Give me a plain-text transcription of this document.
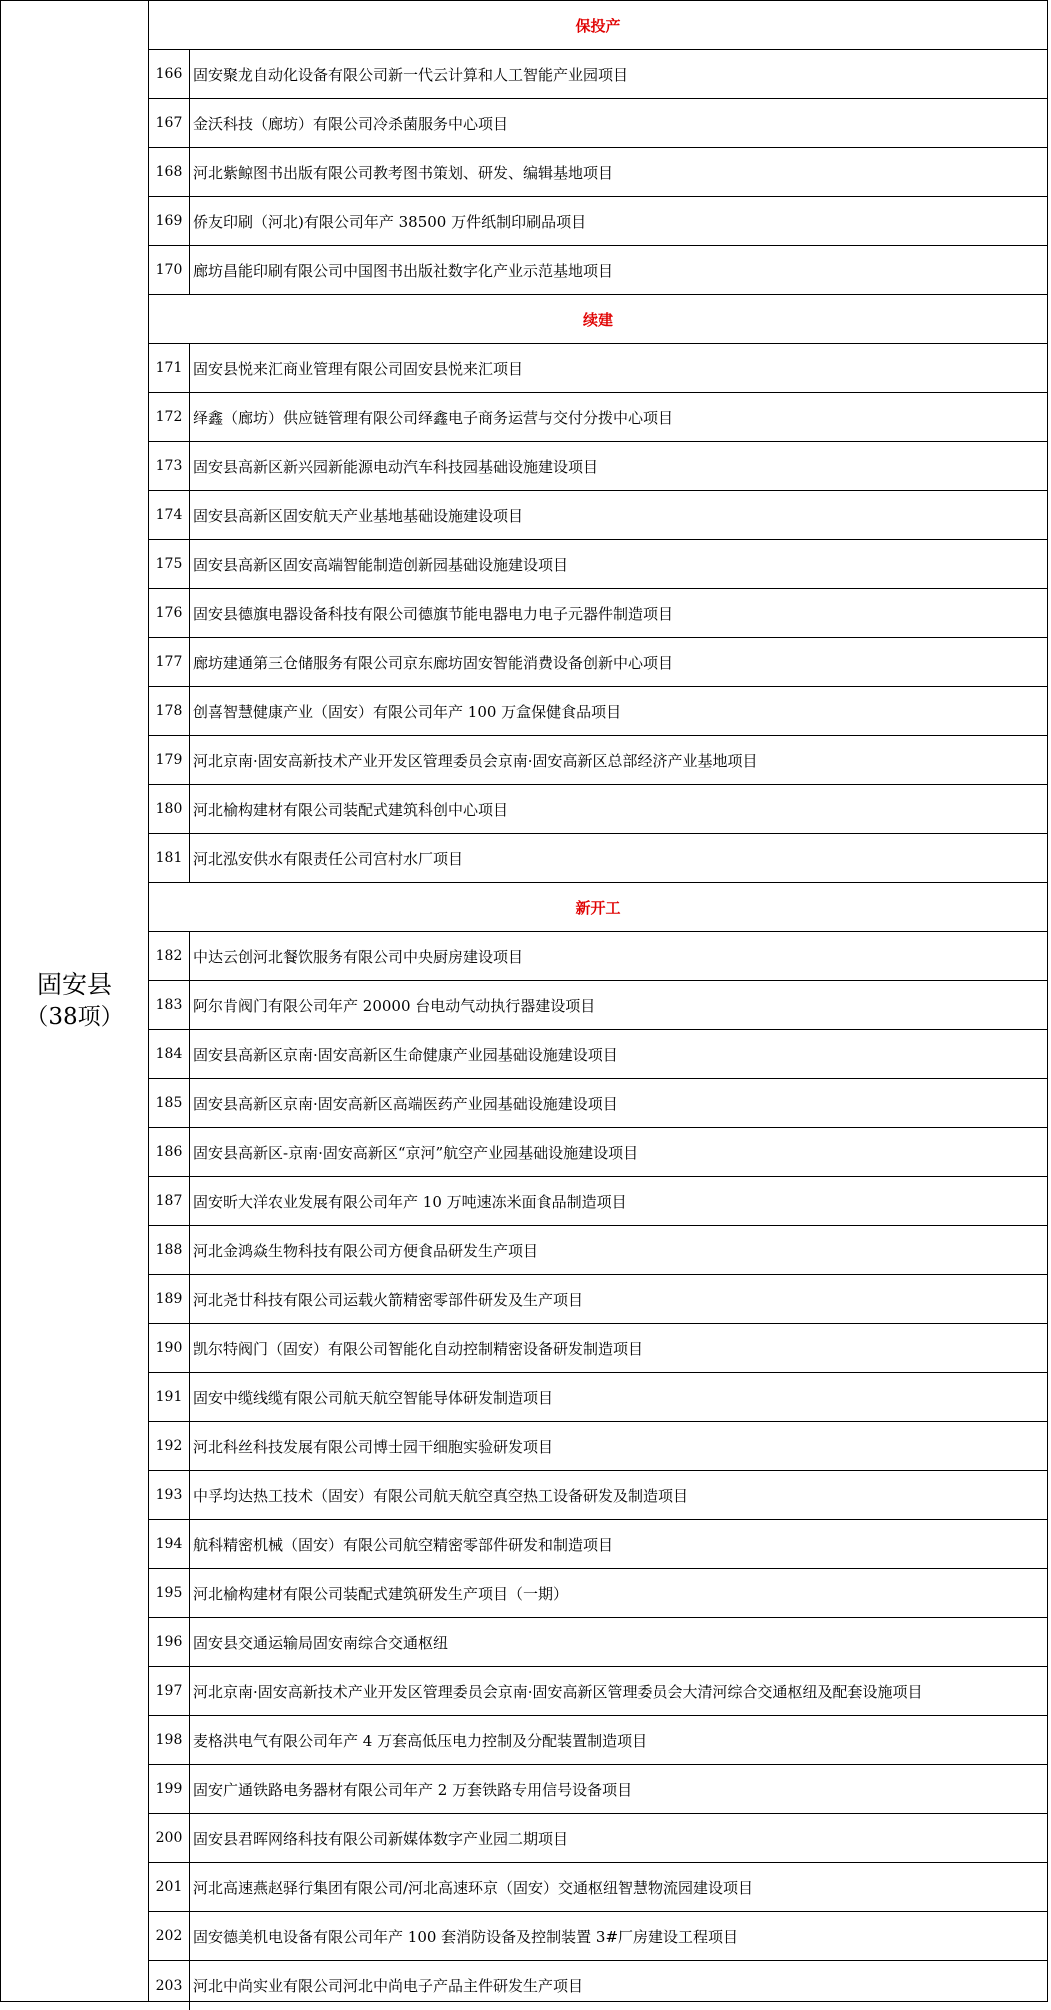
固安县
（38项）
保投产
166 固安聚龙自动化设备有限公司新一代云计算和人工智能产业园项目
167 金沃科技（廊坊）有限公司冷杀菌服务中心项目
168 河北紫鲸图书出版有限公司教考图书策划、研发、编辑基地项目
169 侨友印刷（河北)有限公司年产 38500 万件纸制印刷品项目
170 廊坊昌能印刷有限公司中国图书出版社数字化产业示范基地项目
续建
171 固安县悦来汇商业管理有限公司固安县悦来汇项目
172 绎鑫（廊坊）供应链管理有限公司绎鑫电子商务运营与交付分拨中心项目
173 固安县高新区新兴园新能源电动汽车科技园基础设施建设项目
174 固安县高新区固安航天产业基地基础设施建设项目
175 固安县高新区固安高端智能制造创新园基础设施建设项目
176 固安县德旗电器设备科技有限公司德旗节能电器电力电子元器件制造项目
177 廊坊建通第三仓储服务有限公司京东廊坊固安智能消费设备创新中心项目
178 创喜智慧健康产业（固安）有限公司年产 100 万盒保健食品项目
179 河北京南·固安高新技术产业开发区管理委员会京南·固安高新区总部经济产业基地项目
180 河北榆构建材有限公司装配式建筑科创中心项目
181 河北泓安供水有限责任公司宫村水厂项目
新开工
182 中达云创河北餐饮服务有限公司中央厨房建设项目
183 阿尔肯阀门有限公司年产 20000 台电动气动执行器建设项目
184 固安县高新区京南·固安高新区生命健康产业园基础设施建设项目
185 固安县高新区京南·固安高新区高端医药产业园基础设施建设项目
186 固安县高新区-京南·固安高新区“京河”航空产业园基础设施建设项目
187 固安昕大洋农业发展有限公司年产 10 万吨速冻米面食品制造项目
188 河北金鸿焱生物科技有限公司方便食品研发生产项目
189 河北尧廿科技有限公司运载火箭精密零部件研发及生产项目
190 凯尔特阀门（固安）有限公司智能化自动控制精密设备研发制造项目
191 固安中缆线缆有限公司航天航空智能导体研发制造项目
192 河北科丝科技发展有限公司博士园干细胞实验研发项目
193 中孚均达热工技术（固安）有限公司航天航空真空热工设备研发及制造项目
194 航科精密机械（固安）有限公司航空精密零部件研发和制造项目
195 河北榆构建材有限公司装配式建筑研发生产项目（一期）
196 固安县交通运输局固安南综合交通枢纽
197 河北京南·固安高新技术产业开发区管理委员会京南·固安高新区管理委员会大清河综合交通枢纽及配套设施项目
198 麦格洪电气有限公司年产 4 万套高低压电力控制及分配装置制造项目
199 固安广通铁路电务器材有限公司年产 2 万套铁路专用信号设备项目
200 固安县君晖网络科技有限公司新媒体数字产业园二期项目
201 河北高速燕赵驿行集团有限公司/河北高速环京（固安）交通枢纽智慧物流园建设项目
202 固安德美机电设备有限公司年产 100 套消防设备及控制装置 3#厂房建设工程项目
203 河北中尚实业有限公司河北中尚电子产品主件研发生产项目
